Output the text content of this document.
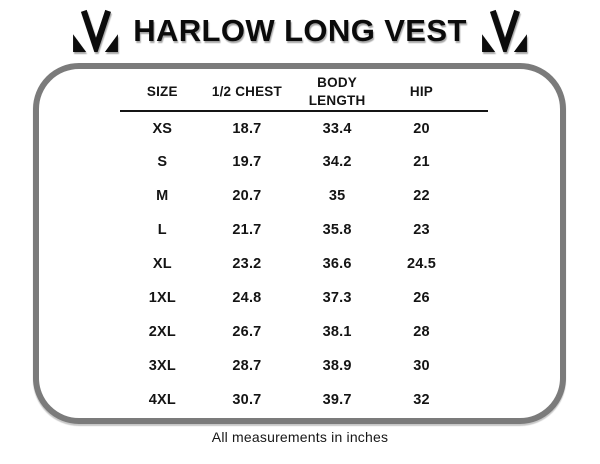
HARLOW LONG VEST
SIZE	1/2 CHEST	BODY LENGTH	HIP
XS	18.7	33.4	20
S	19.7	34.2	21
M	20.7	35	22
L	21.7	35.8	23
XL	23.2	36.6	24.5
1XL	24.8	37.3	26
2XL	26.7	38.1	28
3XL	28.7	38.9	30
4XL	30.7	39.7	32
All measurements in inches
